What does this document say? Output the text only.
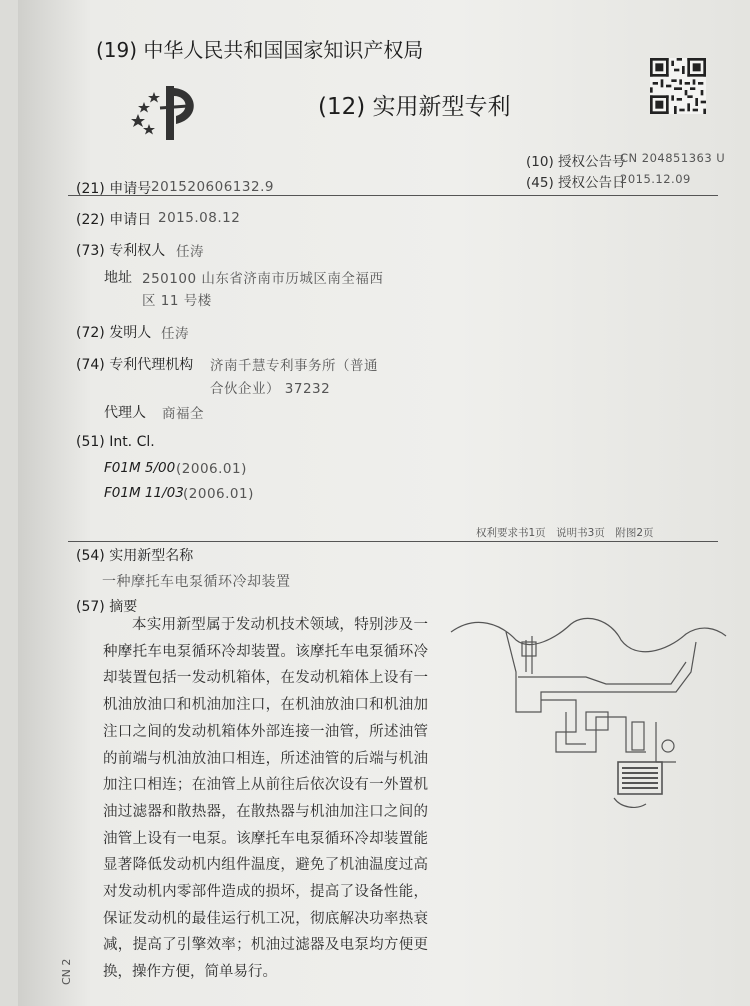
(19) 中华人民共和国国家知识产权局
(12) 实用新型专利
(10) 授权公告号
CN 204851363 U
(45) 授权公告日
2015.12.09
(21) 申请号 201520606132.9
(22) 申请日 2015.08.12
(73) 专利权人 任涛
地址 250100 山东省济南市历城区南全福西
区 11 号楼
(72) 发明人 任涛
(74) 专利代理机构 济南千慧专利事务所（普通
合伙企业） 37232
代理人 商福全
(51) Int. Cl.
F01M 5/00 (2006.01)
F01M 11/03 (2006.01)
权利要求书1页　说明书3页　附图2页
(54) 实用新型名称
一种摩托车电泵循环冷却装置
(57) 摘要
本实用新型属于发动机技术领域，特别涉及一种摩托车电泵循环冷却装置。该摩托车电泵循环冷却装置包括一发动机箱体，在发动机箱体上设有一机油放油口和机油加注口，在机油放油口和机油加注口之间的发动机箱体外部连接一油管，所述油管的前端与机油放油口相连，所述油管的后端与机油加注口相连；在油管上从前往后依次设有一外置机油过滤器和散热器，在散热器与机油加注口之间的油管上设有一电泵。该摩托车电泵循环冷却装置能显著降低发动机内组件温度，避免了机油温度过高对发动机内零部件造成的损坏，提高了设备性能，保证发动机的最佳运行机工况，彻底解决功率热衰减，提高了引擎效率；机油过滤器及电泵均方便更换，操作方便，简单易行。
CN 2
